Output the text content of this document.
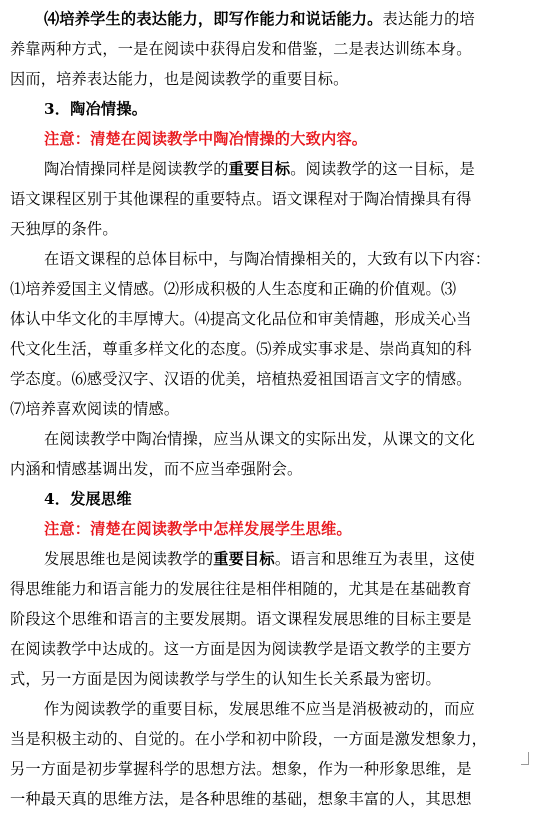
⑷培养学生的表达能力，即写作能力和说话能力。表达能力的培
养靠两种方式，一是在阅读中获得启发和借鉴，二是表达训练本身。
因而，培养表达能力，也是阅读教学的重要目标。
3．陶冶情操。
注意：清楚在阅读教学中陶冶情操的大致内容。
陶冶情操同样是阅读教学的重要目标。阅读教学的这一目标，是
语文课程区别于其他课程的重要特点。语文课程对于陶冶情操具有得
天独厚的条件。
在语文课程的总体目标中，与陶冶情操相关的，大致有以下内容：
⑴培养爱国主义情感。⑵形成积极的人生态度和正确的价值观。⑶
体认中华文化的丰厚博大。⑷提高文化品位和审美情趣，形成关心当
代文化生活，尊重多样文化的态度。⑸养成实事求是、崇尚真知的科
学态度。⑹感受汉字、汉语的优美，培植热爱祖国语言文字的情感。
⑺培养喜欢阅读的情感。
在阅读教学中陶冶情操，应当从课文的实际出发，从课文的文化
内涵和情感基调出发，而不应当牵强附会。
4．发展思维
注意：清楚在阅读教学中怎样发展学生思维。
发展思维也是阅读教学的重要目标。语言和思维互为表里，这使
得思维能力和语言能力的发展往往是相伴相随的，尤其是在基础教育
阶段这个思维和语言的主要发展期。语文课程发展思维的目标主要是
在阅读教学中达成的。这一方面是因为阅读教学是语文教学的主要方
式，另一方面是因为阅读教学与学生的认知生长关系最为密切。
作为阅读教学的重要目标，发展思维不应当是消极被动的，而应
当是积极主动的、自觉的。在小学和初中阶段，一方面是激发想象力，
另一方面是初步掌握科学的思想方法。想象，作为一种形象思维，是
一种最天真的思维方法，是各种思维的基础，想象丰富的人，其思想
